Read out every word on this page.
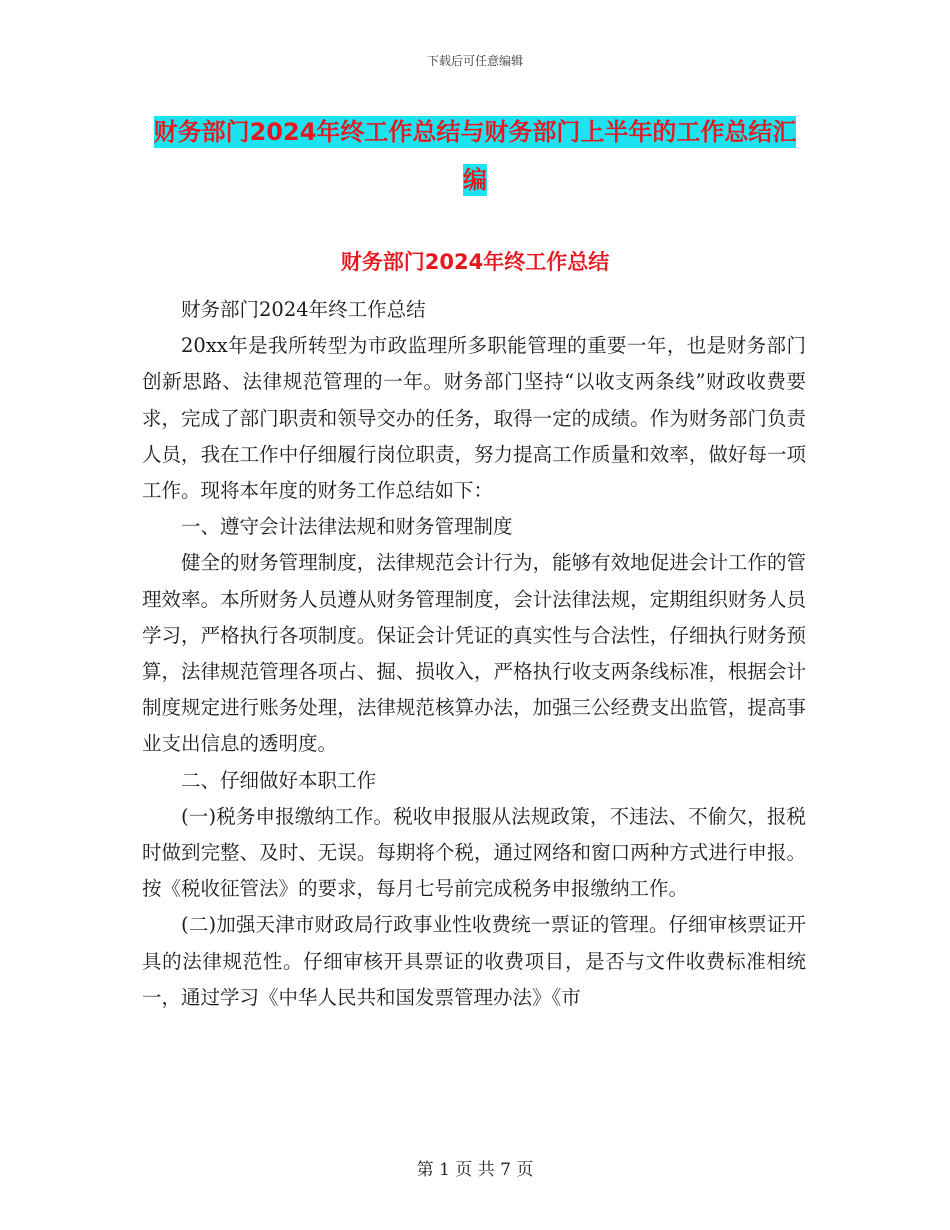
下载后可任意编辑
财务部门2024年终工作总结与财务部门上半年的工作总结汇编
财务部门2024年终工作总结

财务部门2024年终工作总结

20xx年是我所转型为市政监理所多职能管理的重要一年，也是财务部门创新思路、法律规范管理的一年。财务部门坚持“以收支两条线”财政收费要求，完成了部门职责和领导交办的任务，取得一定的成绩。作为财务部门负责人员，我在工作中仔细履行岗位职责，努力提高工作质量和效率，做好每一项工作。现将本年度的财务工作总结如下：

一、遵守会计法律法规和财务管理制度

健全的财务管理制度，法律规范会计行为，能够有效地促进会计工作的管理效率。本所财务人员遵从财务管理制度，会计法律法规，定期组织财务人员学习，严格执行各项制度。保证会计凭证的真实性与合法性，仔细执行财务预算，法律规范管理各项占、掘、损收入，严格执行收支两条线标准，根据会计制度规定进行账务处理，法律规范核算办法，加强三公经费支出监管，提高事业支出信息的透明度。

二、仔细做好本职工作

(一)税务申报缴纳工作。税收申报服从法规政策，不违法、不偷欠，报税时做到完整、及时、无误。每期将个税，通过网络和窗口两种方式进行申报。按《税收征管法》的要求，每月七号前完成税务申报缴纳工作。

(二)加强天津市财政局行政事业性收费统一票证的管理。仔细审核票证开具的法律规范性。仔细审核开具票证的收费项目，是否与文件收费标准相统一，通过学习《中华人民共和国发票管理办法》《市

第 1 页 共 7 页
